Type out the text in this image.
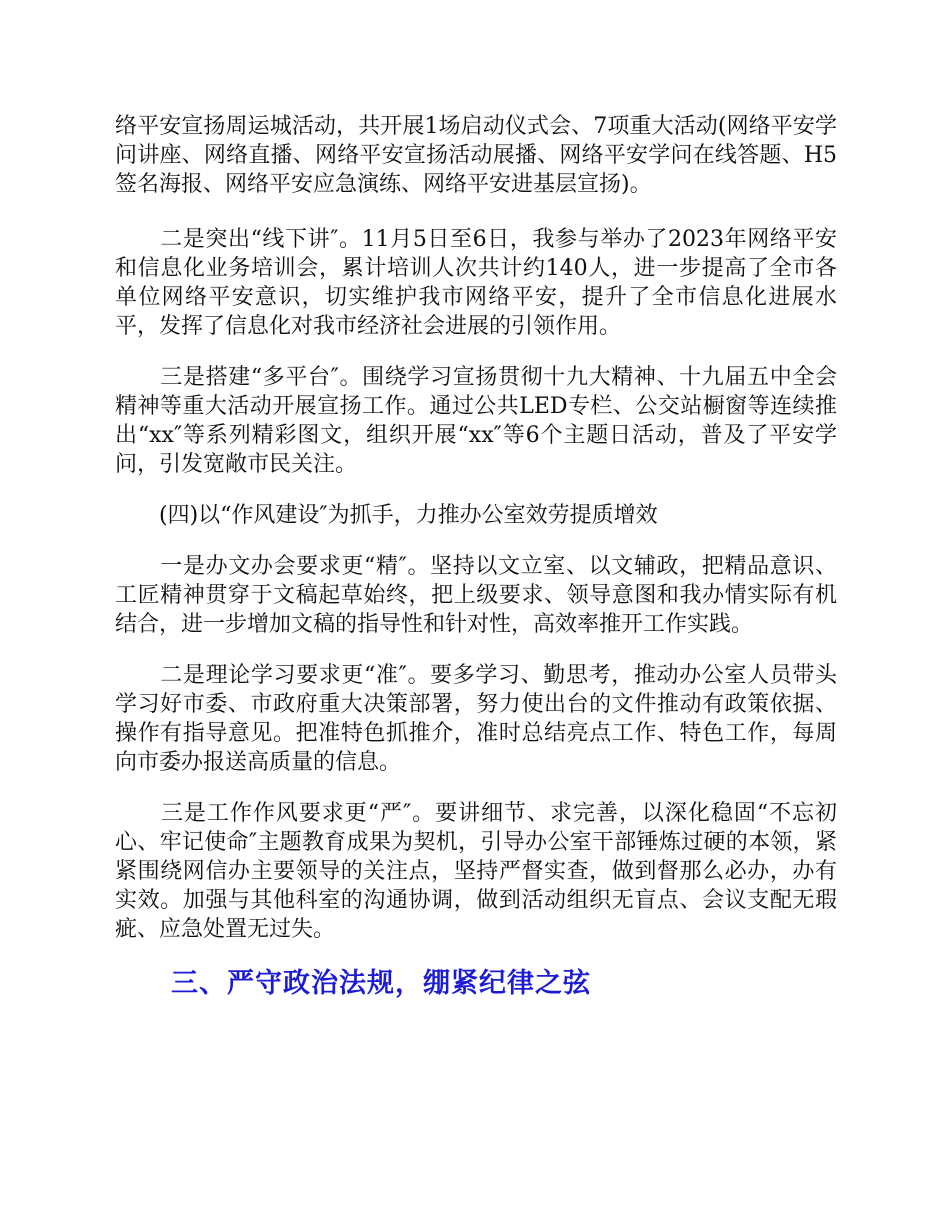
络平安宣扬周运城活动，共开展1场启动仪式会、7项重大活动(网络平安学问讲座、网络直播、网络平安宣扬活动展播、网络平安学问在线答题、H5签名海报、网络平安应急演练、网络平安进基层宣扬)。

　　二是突出“线下讲″。11月5日至6日，我参与举办了2023年网络平安和信息化业务培训会，累计培训人次共计约140人，进一步提高了全市各单位网络平安意识，切实维护我市网络平安，提升了全市信息化进展水平，发挥了信息化对我市经济社会进展的引领作用。

　　三是搭建“多平台″。围绕学习宣扬贯彻十九大精神、十九届五中全会精神等重大活动开展宣扬工作。通过公共LED专栏、公交站橱窗等连续推出“xx″等系列精彩图文，组织开展“xx″等6个主题日活动，普及了平安学问，引发宽敞市民关注。

　　(四)以“作风建设″为抓手，力推办公室效劳提质增效

　　一是办文办会要求更“精″。坚持以文立室、以文辅政，把精品意识、工匠精神贯穿于文稿起草始终，把上级要求、领导意图和我办情实际有机结合，进一步增加文稿的指导性和针对性，高效率推开工作实践。

　　二是理论学习要求更“准″。要多学习、勤思考，推动办公室人员带头学习好市委、市政府重大决策部署，努力使出台的文件推动有政策依据、操作有指导意见。把准特色抓推介，准时总结亮点工作、特色工作，每周向市委办报送高质量的信息。

　　三是工作作风要求更“严″。要讲细节、求完善，以深化稳固“不忘初心、牢记使命″主题教育成果为契机，引导办公室干部锤炼过硬的本领，紧紧围绕网信办主要领导的关注点，坚持严督实查，做到督那么必办，办有实效。加强与其他科室的沟通协调，做到活动组织无盲点、会议支配无瑕疵、应急处置无过失。

三、严守政治法规，绷紧纪律之弦
